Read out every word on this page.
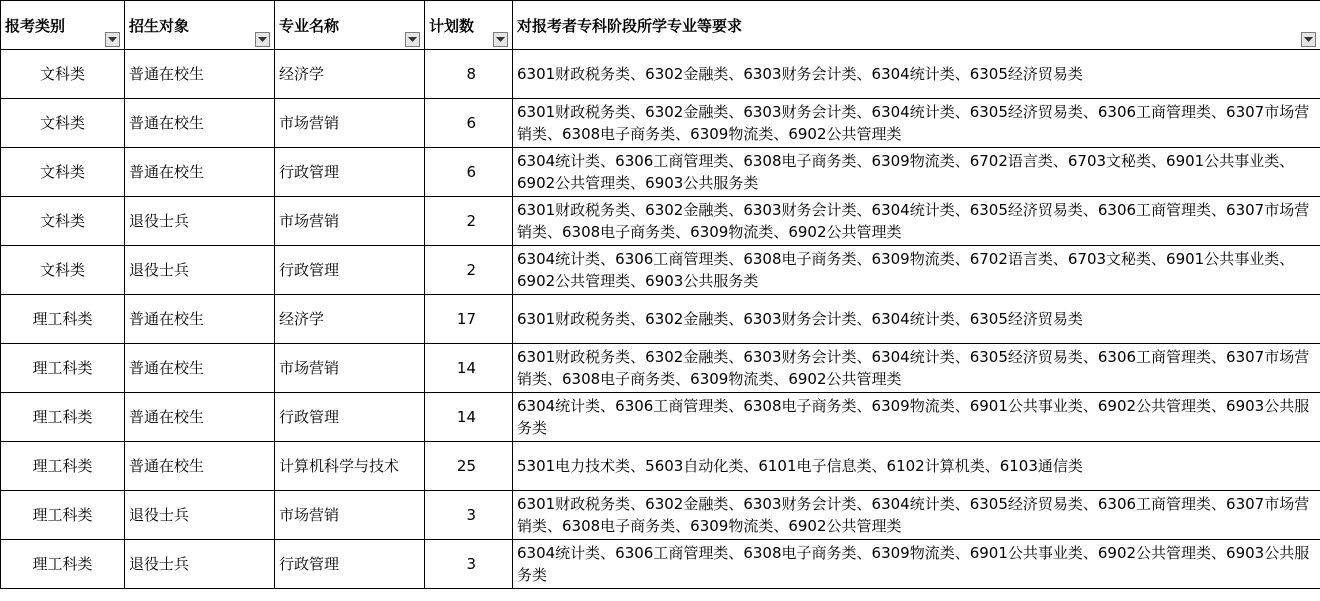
报考类别	招生对象	专业名称	计划数	对报考者专科阶段所学专业等要求

文科类	普通在校生	经济学	8	6301财政税务类、6302金融类、6303财务会计类、6304统计类、6305经济贸易类
文科类	普通在校生	市场营销	6	6301财政税务类、6302金融类、6303财务会计类、6304统计类、6305经济贸易类、6306工商管理类、6307市场营销类、6308电子商务类、6309物流类、6902公共管理类
文科类	普通在校生	行政管理	6	6304统计类、6306工商管理类、6308电子商务类、6309物流类、6702语言类、6703文秘类、6901公共事业类、6902公共管理类、6903公共服务类
文科类	退役士兵	市场营销	2	6301财政税务类、6302金融类、6303财务会计类、6304统计类、6305经济贸易类、6306工商管理类、6307市场营销类、6308电子商务类、6309物流类、6902公共管理类
文科类	退役士兵	行政管理	2	6304统计类、6306工商管理类、6308电子商务类、6309物流类、6702语言类、6703文秘类、6901公共事业类、6902公共管理类、6903公共服务类
理工科类	普通在校生	经济学	17	6301财政税务类、6302金融类、6303财务会计类、6304统计类、6305经济贸易类
理工科类	普通在校生	市场营销	14	6301财政税务类、6302金融类、6303财务会计类、6304统计类、6305经济贸易类、6306工商管理类、6307市场营销类、6308电子商务类、6309物流类、6902公共管理类
理工科类	普通在校生	行政管理	14	6304统计类、6306工商管理类、6308电子商务类、6309物流类、6901公共事业类、6902公共管理类、6903公共服务类
理工科类	普通在校生	计算机科学与技术	25	5301电力技术类、5603自动化类、6101电子信息类、6102计算机类、6103通信类
理工科类	退役士兵	市场营销	3	6301财政税务类、6302金融类、6303财务会计类、6304统计类、6305经济贸易类、6306工商管理类、6307市场营销类、6308电子商务类、6309物流类、6902公共管理类
理工科类	退役士兵	行政管理	3	6304统计类、6306工商管理类、6308电子商务类、6309物流类、6901公共事业类、6902公共管理类、6903公共服务类
